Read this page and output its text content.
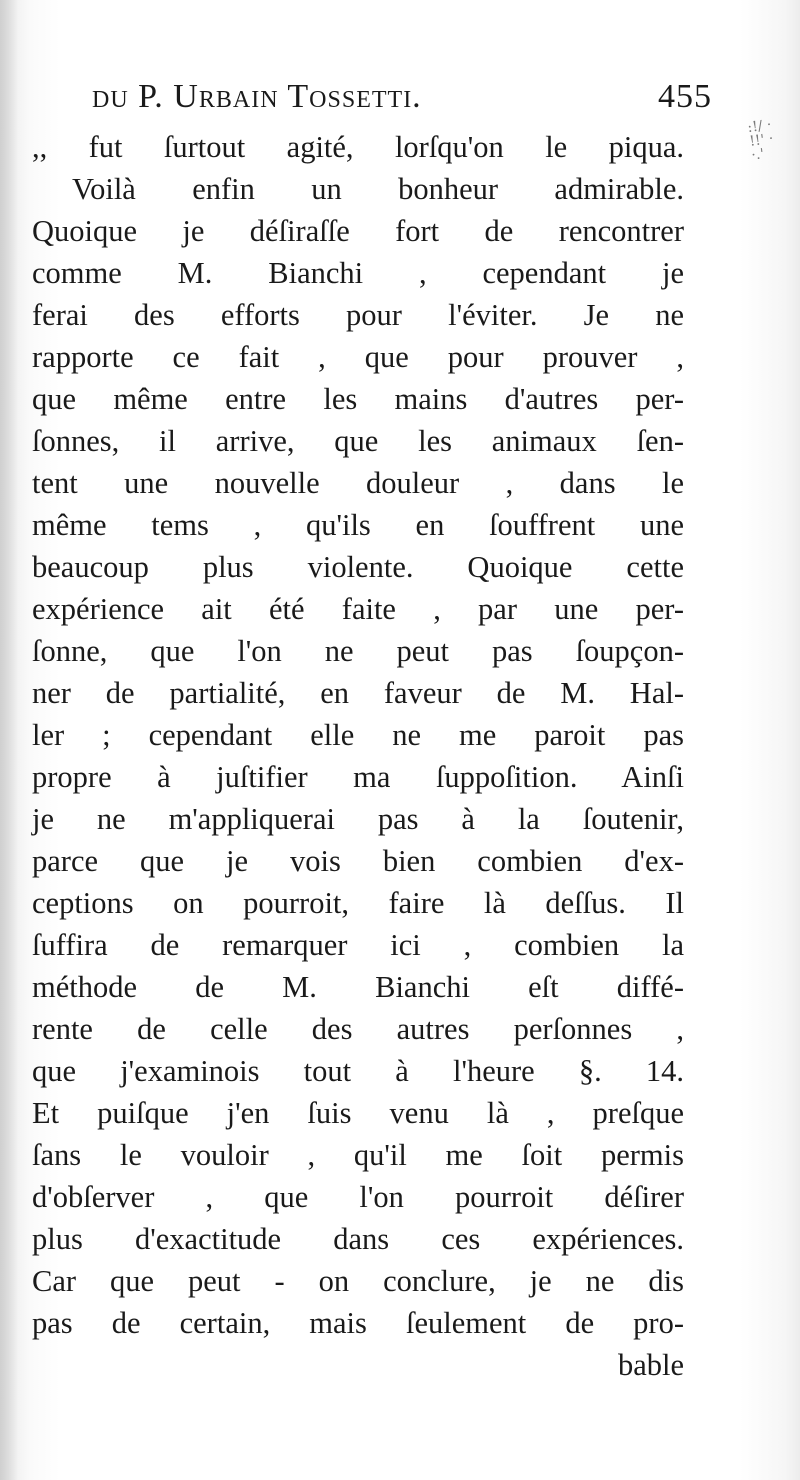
du P. Urbain Tossetti.	455
:!/ ·
!!' ·
·.'
,, fut ſurtout agité, lorſqu'on le piqua.
Voilà enfin un bonheur admirable.
Quoique je déſiraſſe fort de rencontrer
comme M. Bianchi , cependant je
ferai des efforts pour l'éviter. Je ne
rapporte ce fait , que pour prouver ,
que même entre les mains d'autres per-
ſonnes, il arrive, que les animaux ſen-
tent une nouvelle douleur , dans le
même tems , qu'ils en ſouffrent une
beaucoup plus violente. Quoique cette
expérience ait été faite , par une per-
ſonne, que l'on ne peut pas ſoupçon-
ner de partialité, en faveur de M. Hal-
ler ; cependant elle ne me paroit pas
propre à juſtifier ma ſuppoſition. Ainſi
je ne m'appliquerai pas à la ſoutenir,
parce que je vois bien combien d'ex-
ceptions on pourroit, faire là deſſus. Il
ſuffira de remarquer ici , combien la
méthode de M. Bianchi eſt diffé-
rente de celle des autres perſonnes ,
que j'examinois tout à l'heure §. 14.
Et puiſque j'en ſuis venu là , preſque
ſans le vouloir , qu'il me ſoit permis
d'obſerver , que l'on pourroit déſirer
plus d'exactitude dans ces expériences.
Car que peut - on conclure, je ne dis
pas de certain, mais ſeulement de pro-
bable
